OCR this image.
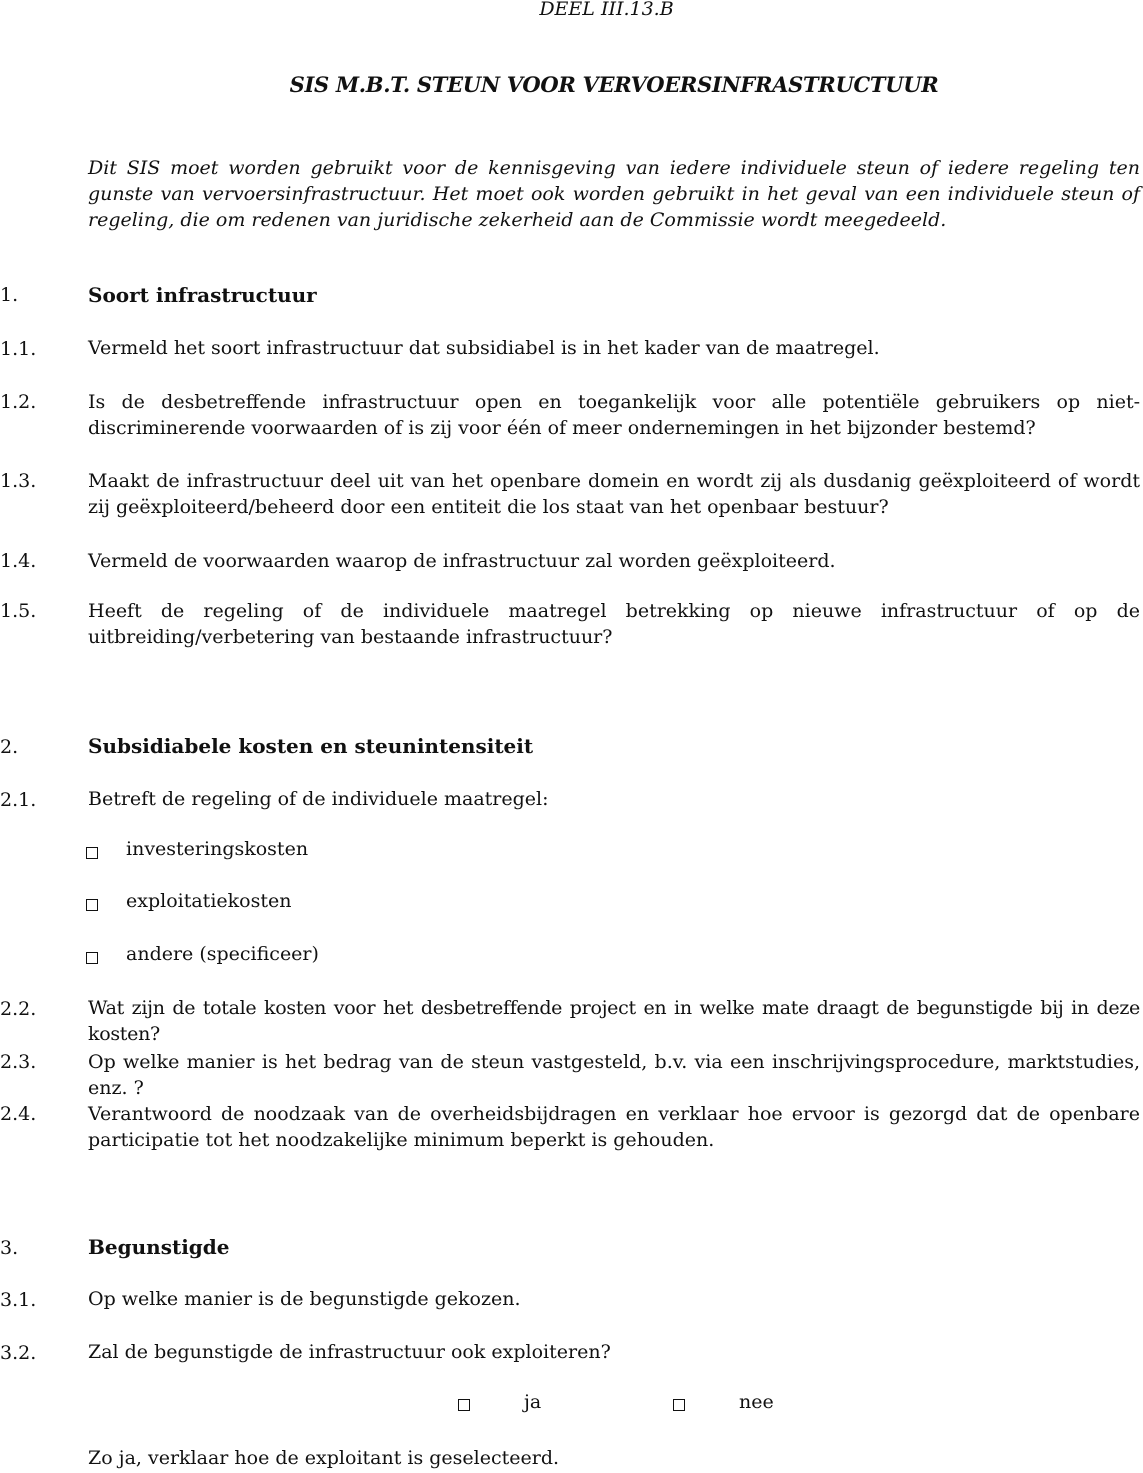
DEEL III.13.B
SIS M.B.T. STEUN VOOR VERVOERSINFRASTRUCTUUR
Dit SIS moet worden gebruikt voor de kennisgeving van iedere individuele steun of iedere regeling ten gunste van vervoersinfrastructuur. Het moet ook worden gebruikt in het geval van een individuele steun of regeling, die om redenen van juridische zekerheid aan de Commissie wordt meegedeeld.
1.	Soort infrastructuur
1.1.	Vermeld het soort infrastructuur dat subsidiabel is in het kader van de maatregel.
1.2.	Is de desbetreffende infrastructuur open en toegankelijk voor alle potentiële gebruikers op niet-discriminerende voorwaarden of is zij voor één of meer ondernemingen in het bijzonder bestemd?
1.3.	Maakt de infrastructuur deel uit van het openbare domein en wordt zij als dusdanig geëxploiteerd of wordt zij geëxploiteerd/beheerd door een entiteit die los staat van het openbaar bestuur?
1.4.	Vermeld de voorwaarden waarop de infrastructuur zal worden geëxploiteerd.
1.5.	Heeft de regeling of de individuele maatregel betrekking op nieuwe infrastructuur of op de uitbreiding/verbetering van bestaande infrastructuur?
2.	Subsidiabele kosten en steunintensiteit
2.1.	Betreft de regeling of de individuele maatregel:
investeringskosten
exploitatiekosten
andere (specificeer)
2.2.	Wat zijn de totale kosten voor het desbetreffende project en in welke mate draagt de begunstigde bij in deze kosten?
2.3.	Op welke manier is het bedrag van de steun vastgesteld, b.v. via een inschrijvingsprocedure, marktstudies, enz. ?
2.4.	Verantwoord de noodzaak van de overheidsbijdragen en verklaar hoe ervoor is gezorgd dat de openbare participatie tot het noodzakelijke minimum beperkt is gehouden.
3.	Begunstigde
3.1.	Op welke manier is de begunstigde gekozen.
3.2.	Zal de begunstigde de infrastructuur ook exploiteren?
ja	nee
Zo ja, verklaar hoe de exploitant is geselecteerd.
